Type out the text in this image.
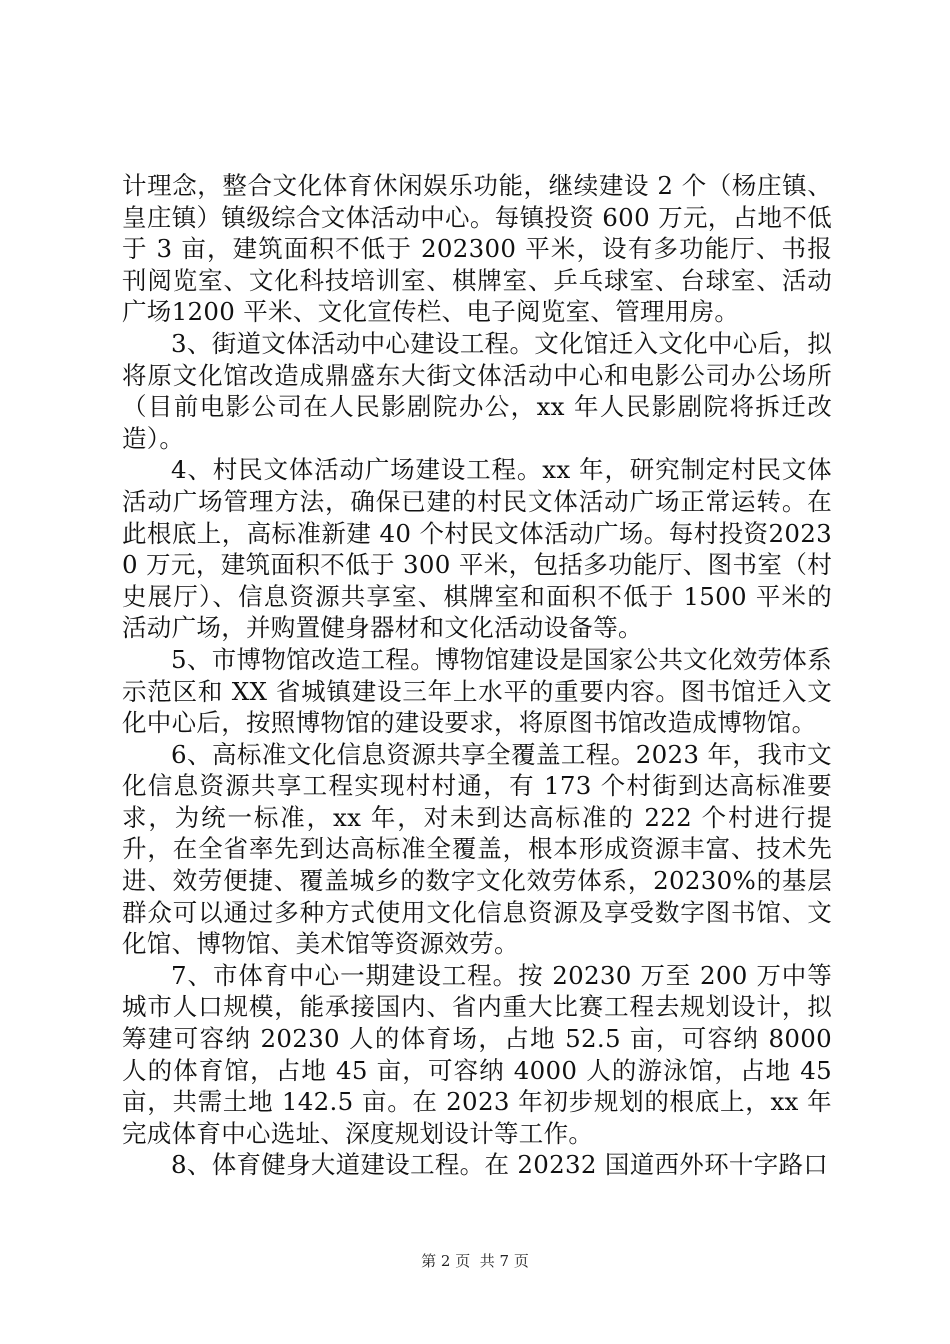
计理念，整合文化体育休闲娱乐功能，继续建设 2 个（杨庄镇、皇庄镇）镇级综合文体活动中心。每镇投资 600 万元，占地不低于 3 亩，建筑面积不低于 202300 平米，设有多功能厅、书报刊阅览室、文化科技培训室、棋牌室、乒乓球室、台球室、活动广场1200 平米、文化宣传栏、电子阅览室、管理用房。

3、街道文体活动中心建设工程。文化馆迁入文化中心后，拟将原文化馆改造成鼎盛东大街文体活动中心和电影公司办公场所（目前电影公司在人民影剧院办公，xx 年人民影剧院将拆迁改造）。

4、村民文体活动广场建设工程。xx 年，研究制定村民文体活动广场管理方法，确保已建的村民文体活动广场正常运转。在此根底上，高标准新建 40 个村民文体活动广场。每村投资20230 万元，建筑面积不低于 300 平米，包括多功能厅、图书室（村史展厅）、信息资源共享室、棋牌室和面积不低于 1500 平米的活动广场，并购置健身器材和文化活动设备等。

5、市博物馆改造工程。博物馆建设是国家公共文化效劳体系示范区和 XX 省城镇建设三年上水平的重要内容。图书馆迁入文化中心后，按照博物馆的建设要求，将原图书馆改造成博物馆。

6、高标准文化信息资源共享全覆盖工程。2023 年，我市文化信息资源共享工程实现村村通，有 173 个村街到达高标准要求，为统一标准，xx 年，对未到达高标准的 222 个村进行提升，在全省率先到达高标准全覆盖，根本形成资源丰富、技术先进、效劳便捷、覆盖城乡的数字文化效劳体系，20230%的基层群众可以通过多种方式使用文化信息资源及享受数字图书馆、文化馆、博物馆、美术馆等资源效劳。

7、市体育中心一期建设工程。按 20230 万至 200 万中等城市人口规模，能承接国内、省内重大比赛工程去规划设计，拟筹建可容纳 20230 人的体育场，占地 52.5 亩，可容纳 8000 人的体育馆，占地 45 亩，可容纳 4000 人的游泳馆，占地 45 亩，共需土地 142.5 亩。在 2023 年初步规划的根底上，xx 年完成体育中心选址、深度规划设计等工作。

8、体育健身大道建设工程。在 20232 国道西外环十字路口

第 2 页  共 7 页
